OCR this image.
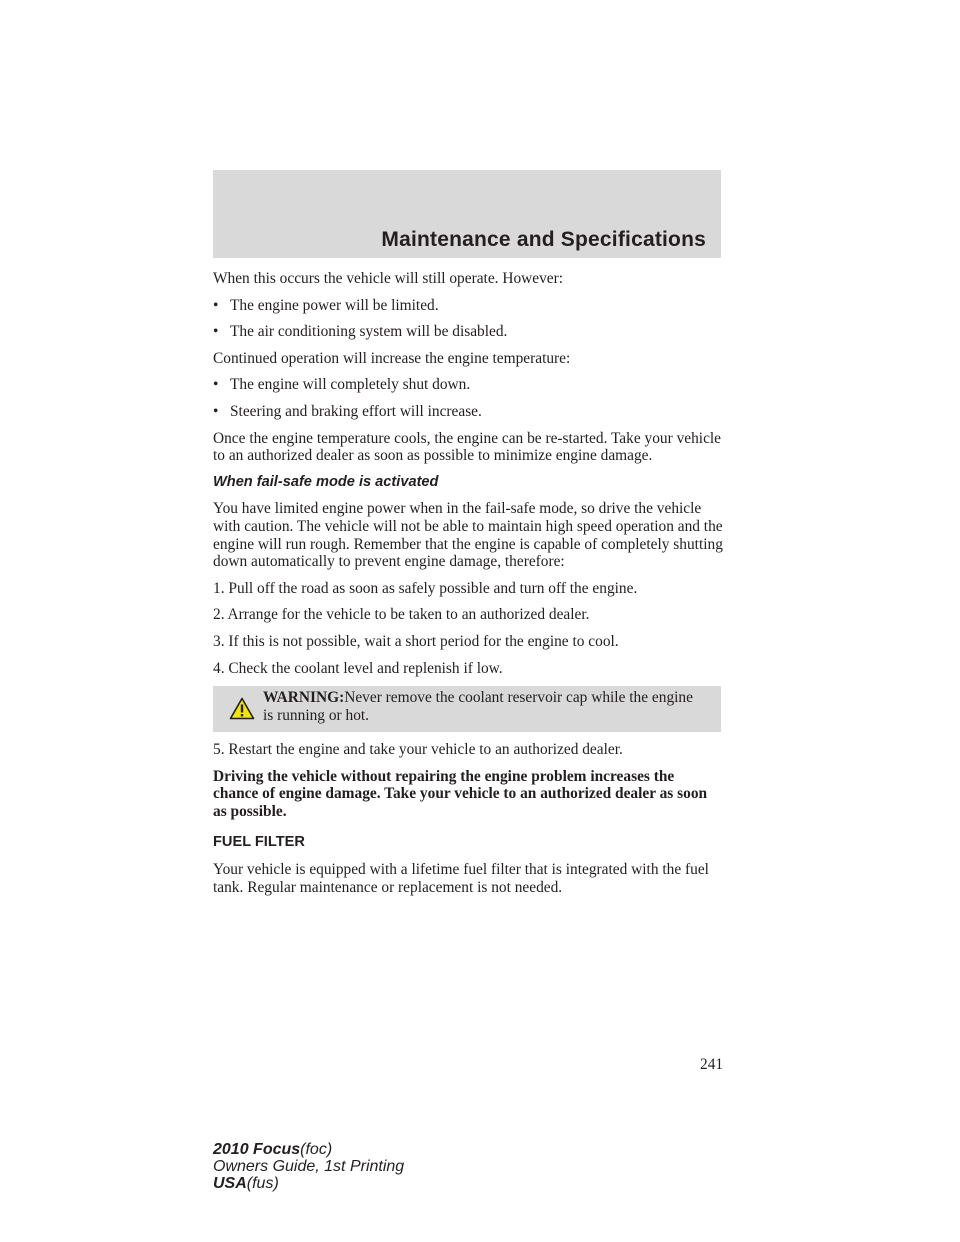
Maintenance and Specifications

When this occurs the vehicle will still operate. However:

• The engine power will be limited.
• The air conditioning system will be disabled.

Continued operation will increase the engine temperature:

• The engine will completely shut down.
• Steering and braking effort will increase.

Once the engine temperature cools, the engine can be re-started. Take your vehicle to an authorized dealer as soon as possible to minimize engine damage.

When fail-safe mode is activated

You have limited engine power when in the fail-safe mode, so drive the vehicle with caution. The vehicle will not be able to maintain high speed operation and the engine will run rough. Remember that the engine is capable of completely shutting down automatically to prevent engine damage, therefore:

1. Pull off the road as soon as safely possible and turn off the engine.

2. Arrange for the vehicle to be taken to an authorized dealer.

3. If this is not possible, wait a short period for the engine to cool.

4. Check the coolant level and replenish if low.

WARNING:Never remove the coolant reservoir cap while the engine is running or hot.

5. Restart the engine and take your vehicle to an authorized dealer.

Driving the vehicle without repairing the engine problem increases the chance of engine damage. Take your vehicle to an authorized dealer as soon as possible.

FUEL FILTER

Your vehicle is equipped with a lifetime fuel filter that is integrated with the fuel tank. Regular maintenance or replacement is not needed.

241
2010 Focus(foc)
Owners Guide, 1st Printing
USA(fus)
